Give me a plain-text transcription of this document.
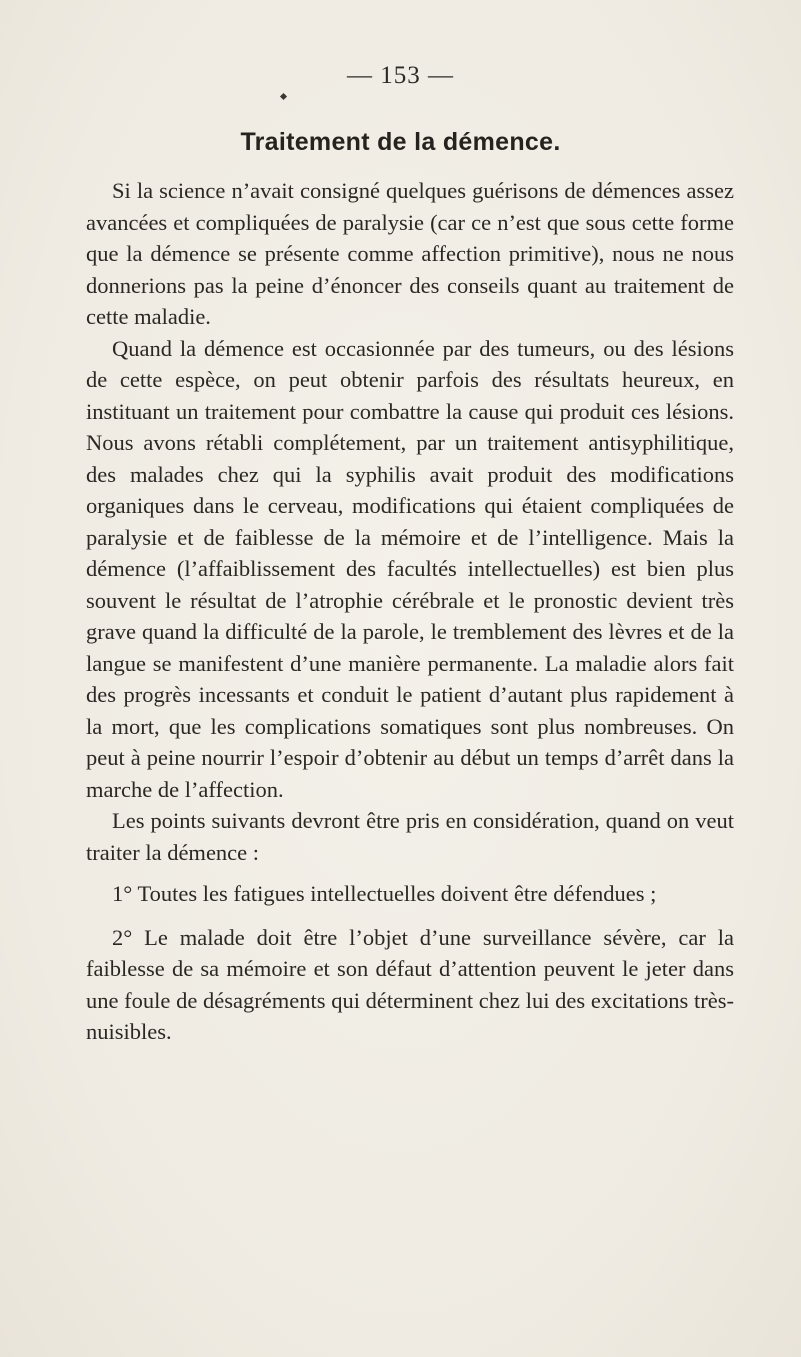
— 153 —
Traitement de la démence.

Si la science n’avait consigné quelques guérisons de démences assez avancées et compliquées de paralysie (car ce n’est que sous cette forme que la démence se présente comme affection primitive), nous ne nous donnerions pas la peine d’énoncer des conseils quant au traitement de cette maladie.

Quand la démence est occasionnée par des tumeurs, ou des lésions de cette espèce, on peut obtenir parfois des résultats heureux, en instituant un traitement pour combattre la cause qui produit ces lésions. Nous avons rétabli complétement, par un traitement antisyphilitique, des malades chez qui la syphilis avait produit des modifications organiques dans le cerveau, modifications qui étaient compliquées de paralysie et de faiblesse de la mémoire et de l’intelligence. Mais la démence (l’affaiblissement des facultés intellectuelles) est bien plus souvent le résultat de l’atrophie cérébrale et le pronostic devient très grave quand la difficulté de la parole, le tremblement des lèvres et de la langue se manifestent d’une manière permanente. La maladie alors fait des progrès incessants et conduit le patient d’autant plus rapidement à la mort, que les complications somatiques sont plus nombreuses. On peut à peine nourrir l’espoir d’obtenir au début un temps d’arrêt dans la marche de l’affection.

Les points suivants devront être pris en considération, quand on veut traiter la démence :

1° Toutes les fatigues intellectuelles doivent être défendues ;

2° Le malade doit être l’objet d’une surveillance sévère, car la faiblesse de sa mémoire et son défaut d’attention peuvent le jeter dans une foule de désagréments qui déterminent chez lui des excitations très-nuisibles.
